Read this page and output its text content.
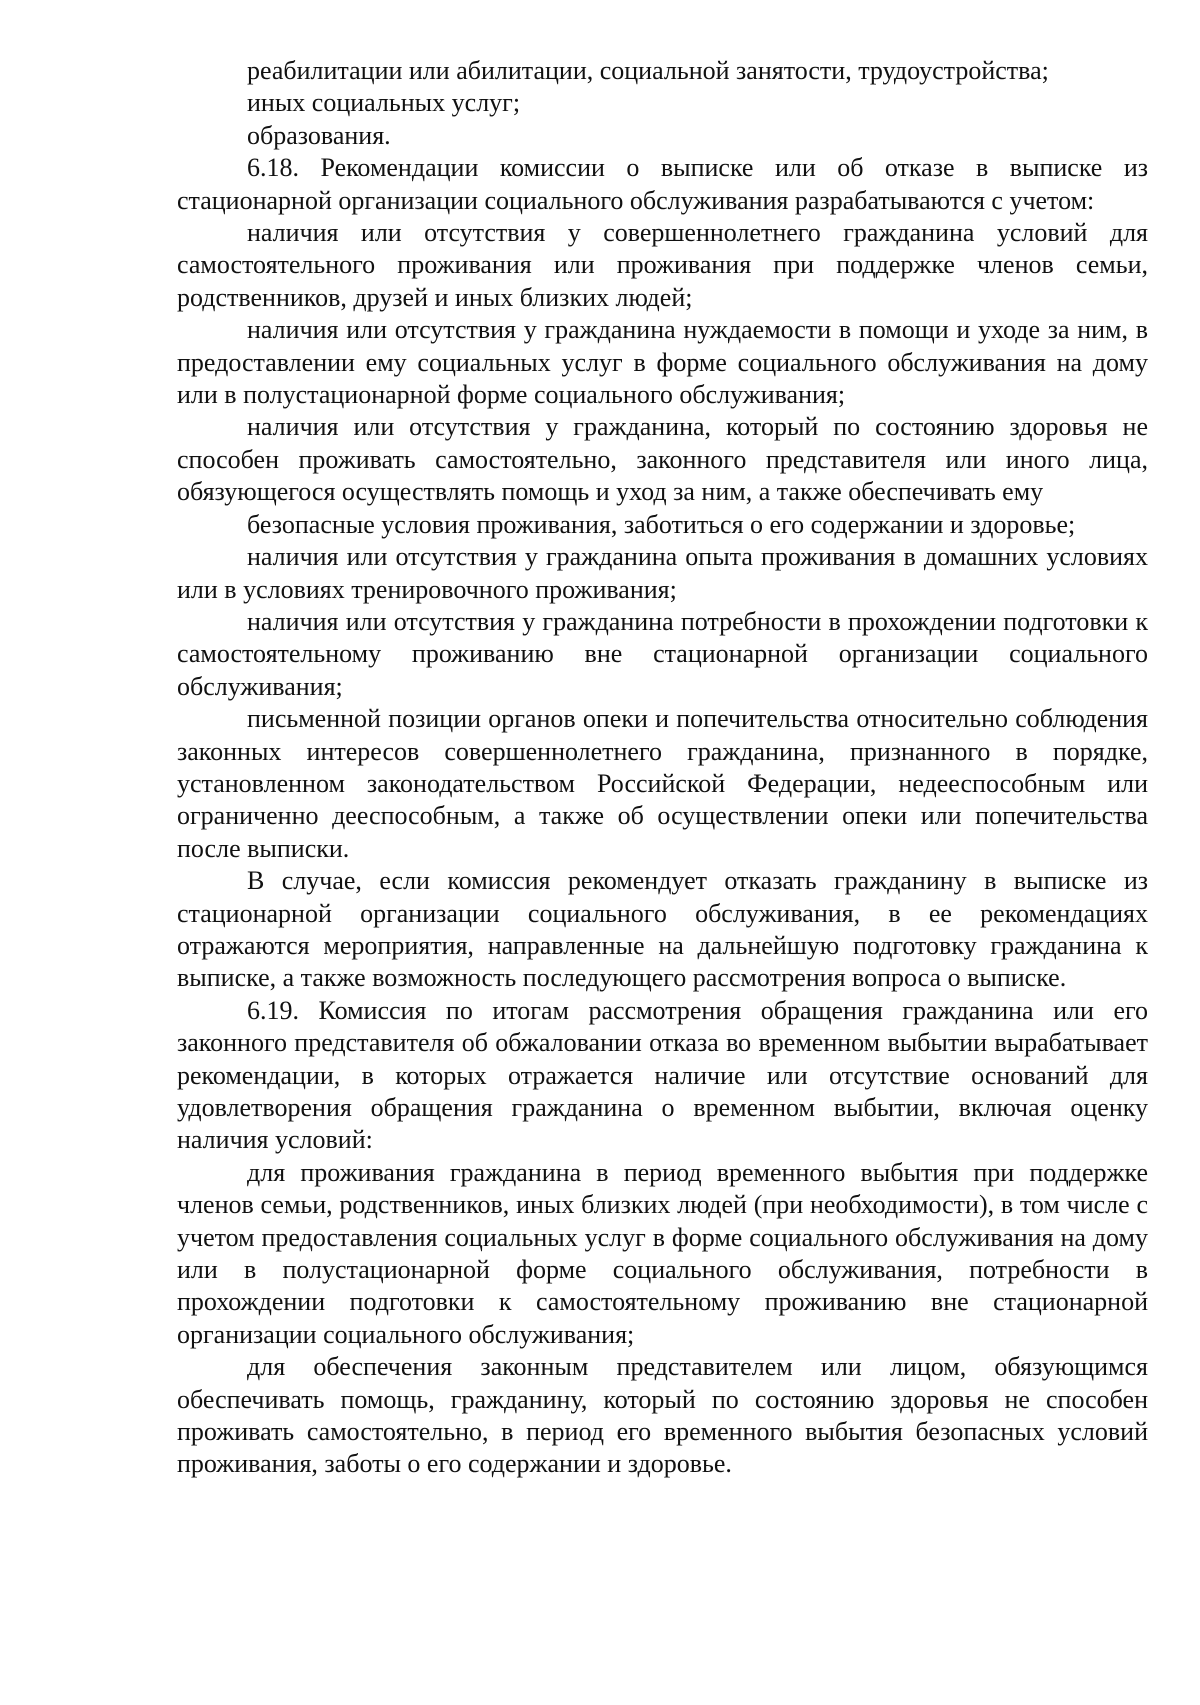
реабилитации или абилитации, социальной занятости, трудоустройства;

иных социальных услуг;

образования.

6.18. Рекомендации комиссии о выписке или об отказе в выписке из стационарной организации социального обслуживания разрабатываются с учетом:

наличия или отсутствия у совершеннолетнего гражданина условий для самостоятельного проживания или проживания при поддержке членов семьи, родственников, друзей и иных близких людей;

наличия или отсутствия у гражданина нуждаемости в помощи и уходе за ним, в предоставлении ему социальных услуг в форме социального обслуживания на дому или в полустационарной форме социального обслуживания;

наличия или отсутствия у гражданина, который по состоянию здоровья не способен проживать самостоятельно, законного представителя или иного лица, обязующегося осуществлять помощь и уход за ним, а также обеспечивать ему

безопасные условия проживания, заботиться о его содержании и здоровье;

наличия или отсутствия у гражданина опыта проживания в домашних условиях или в условиях тренировочного проживания;

наличия или отсутствия у гражданина потребности в прохождении подготовки к самостоятельному проживанию вне стационарной организации социального обслуживания;

письменной позиции органов опеки и попечительства относительно соблюдения законных интересов совершеннолетнего гражданина, признанного в порядке, установленном законодательством Российской Федерации, недееспособным или ограниченно дееспособным, а также об осуществлении опеки или попечительства после выписки.

В случае, если комиссия рекомендует отказать гражданину в выписке из стационарной организации социального обслуживания, в ее рекомендациях отражаются мероприятия, направленные на дальнейшую подготовку гражданина к выписке, а также возможность последующего рассмотрения вопроса о выписке.

6.19. Комиссия по итогам рассмотрения обращения гражданина или его законного представителя об обжаловании отказа во временном выбытии вырабатывает рекомендации, в которых отражается наличие или отсутствие оснований для удовлетворения обращения гражданина о временном выбытии, включая оценку наличия условий:

для проживания гражданина в период временного выбытия при поддержке членов семьи, родственников, иных близких людей (при необходимости), в том числе с учетом предоставления социальных услуг в форме социального обслуживания на дому или в полустационарной форме социального обслуживания, потребности в прохождении подготовки к самостоятельному проживанию вне стационарной организации социального обслуживания;

для обеспечения законным представителем или лицом, обязующимся обеспечивать помощь, гражданину, который по состоянию здоровья не способен проживать самостоятельно, в период его временного выбытия безопасных условий проживания, заботы о его содержании и здоровье.
